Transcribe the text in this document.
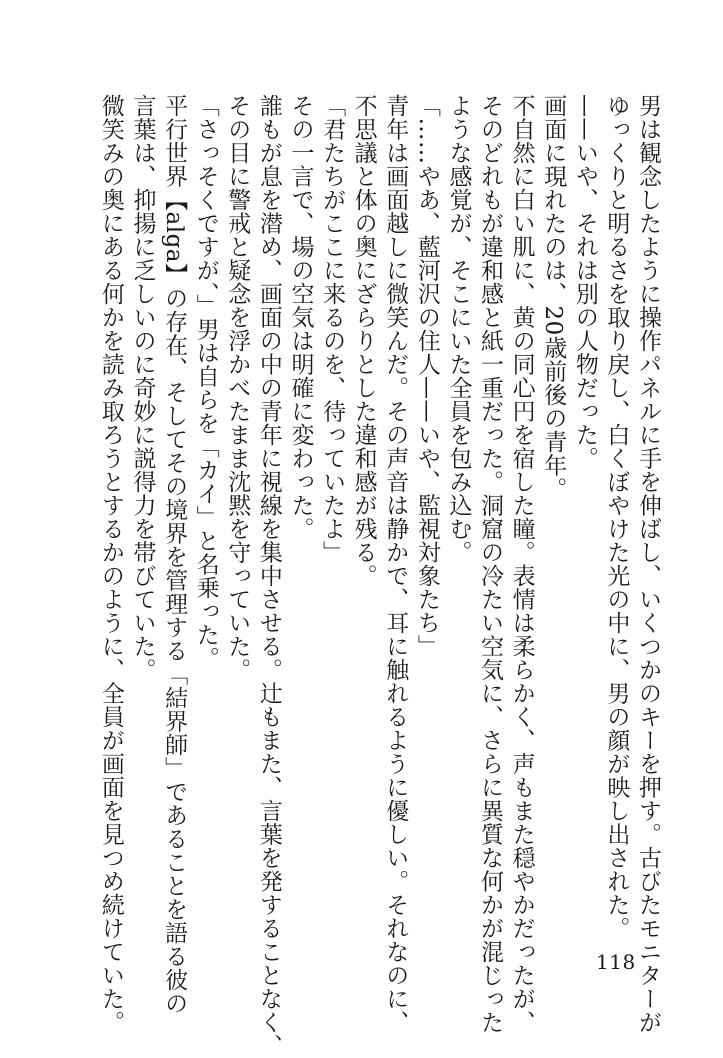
男は観念したように操作パネルに手を伸ばし、いくつかのキーを押す。古びたモニターが

ゆっくりと明るさを取り戻し、白くぼやけた光の中に、男の顔が映し出された。

——いや、それは別の人物だった。

画面に現れたのは、20歳前後の青年。

不自然に白い肌に、黄の同心円を宿した瞳。表情は柔らかく、声もまた穏やかだったが、

そのどれもが違和感と紙一重だった。洞窟の冷たい空気に、さらに異質な何かが混じった

ような感覚が、そこにいた全員を包み込む。

「……やあ、藍河沢の住人——いや、監視対象たち」

青年は画面越しに微笑んだ。その声音は静かで、耳に触れるように優しい。それなのに、

不思議と体の奥にざらりとした違和感が残る。

「君たちがここに来るのを、待っていたよ」

その一言で、場の空気は明確に変わった。

誰もが息を潜め、画面の中の青年に視線を集中させる。辻もまた、言葉を発することなく、

その目に警戒と疑念を浮かべたまま沈黙を守っていた。

「さっそくですが、」男は自らを「カイ」と名乗った。

平行世界【alga】の存在、そしてその境界を管理する「結界師」であることを語る彼の

言葉は、抑揚に乏しいのに奇妙に説得力を帯びていた。

微笑みの奥にある何かを読み取ろうとするかのように、全員が画面を見つめ続けていた。	118
